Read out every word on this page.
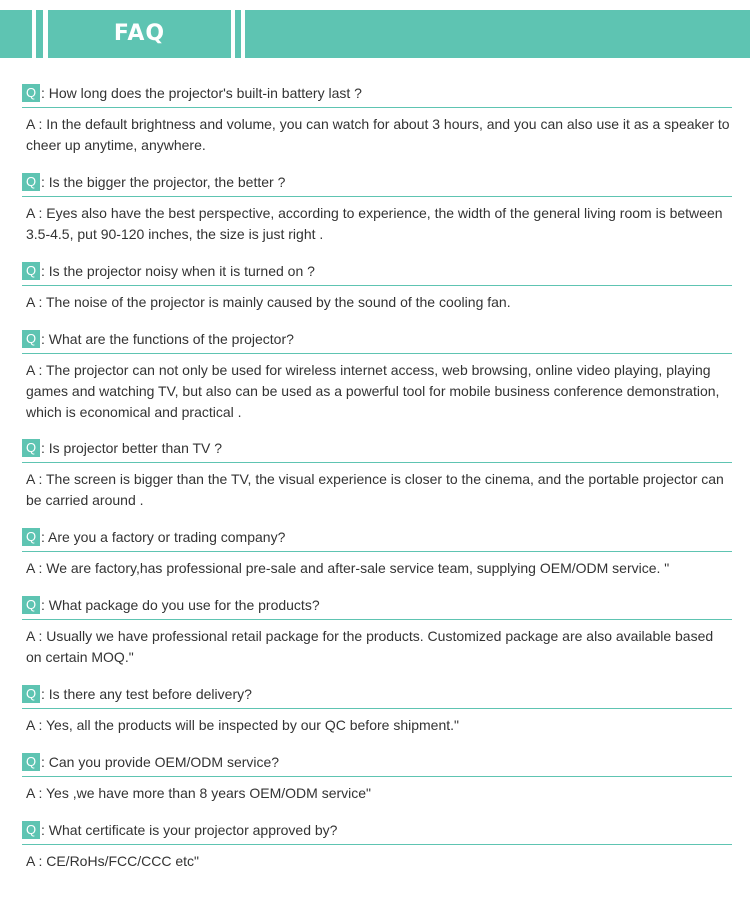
FAQ
Q : How long does the projector's built-in battery last ?
A : In the default brightness and volume, you can watch for about 3 hours, and you can also use it as a speaker to cheer up anytime, anywhere.
Q : Is the bigger the projector, the better ?
A : Eyes also have the best perspective, according to experience, the width of the general living room is between 3.5-4.5, put 90-120 inches, the size is just right .
Q : Is the projector noisy when it is turned on ?
A : The noise of the projector is mainly caused by the sound of the cooling fan.
Q : What are the functions of the projector?
A : The projector can not only be used for wireless internet access, web browsing, online video playing, playing games and watching TV, but also can be used as a powerful tool for mobile business conference demonstration, which is economical and practical .
Q : Is projector better than TV ?
A : The screen is bigger than the TV, the visual experience is closer to the cinema, and the portable projector can be carried around .
Q : Are you a factory or trading company?
A : We are factory,has professional pre-sale and after-sale service team, supplying OEM/ODM service. "
Q : What package do you use for the products?
A : Usually we have professional retail package for the products. Customized package are also available based on certain MOQ."
Q : Is there any test before delivery?
A : Yes, all the products will be inspected by our QC before shipment."
Q : Can you provide OEM/ODM service?
A : Yes ,we have more than 8 years OEM/ODM service"
Q : What certificate is your projector approved by?
A : CE/RoHs/FCC/CCC etc"
